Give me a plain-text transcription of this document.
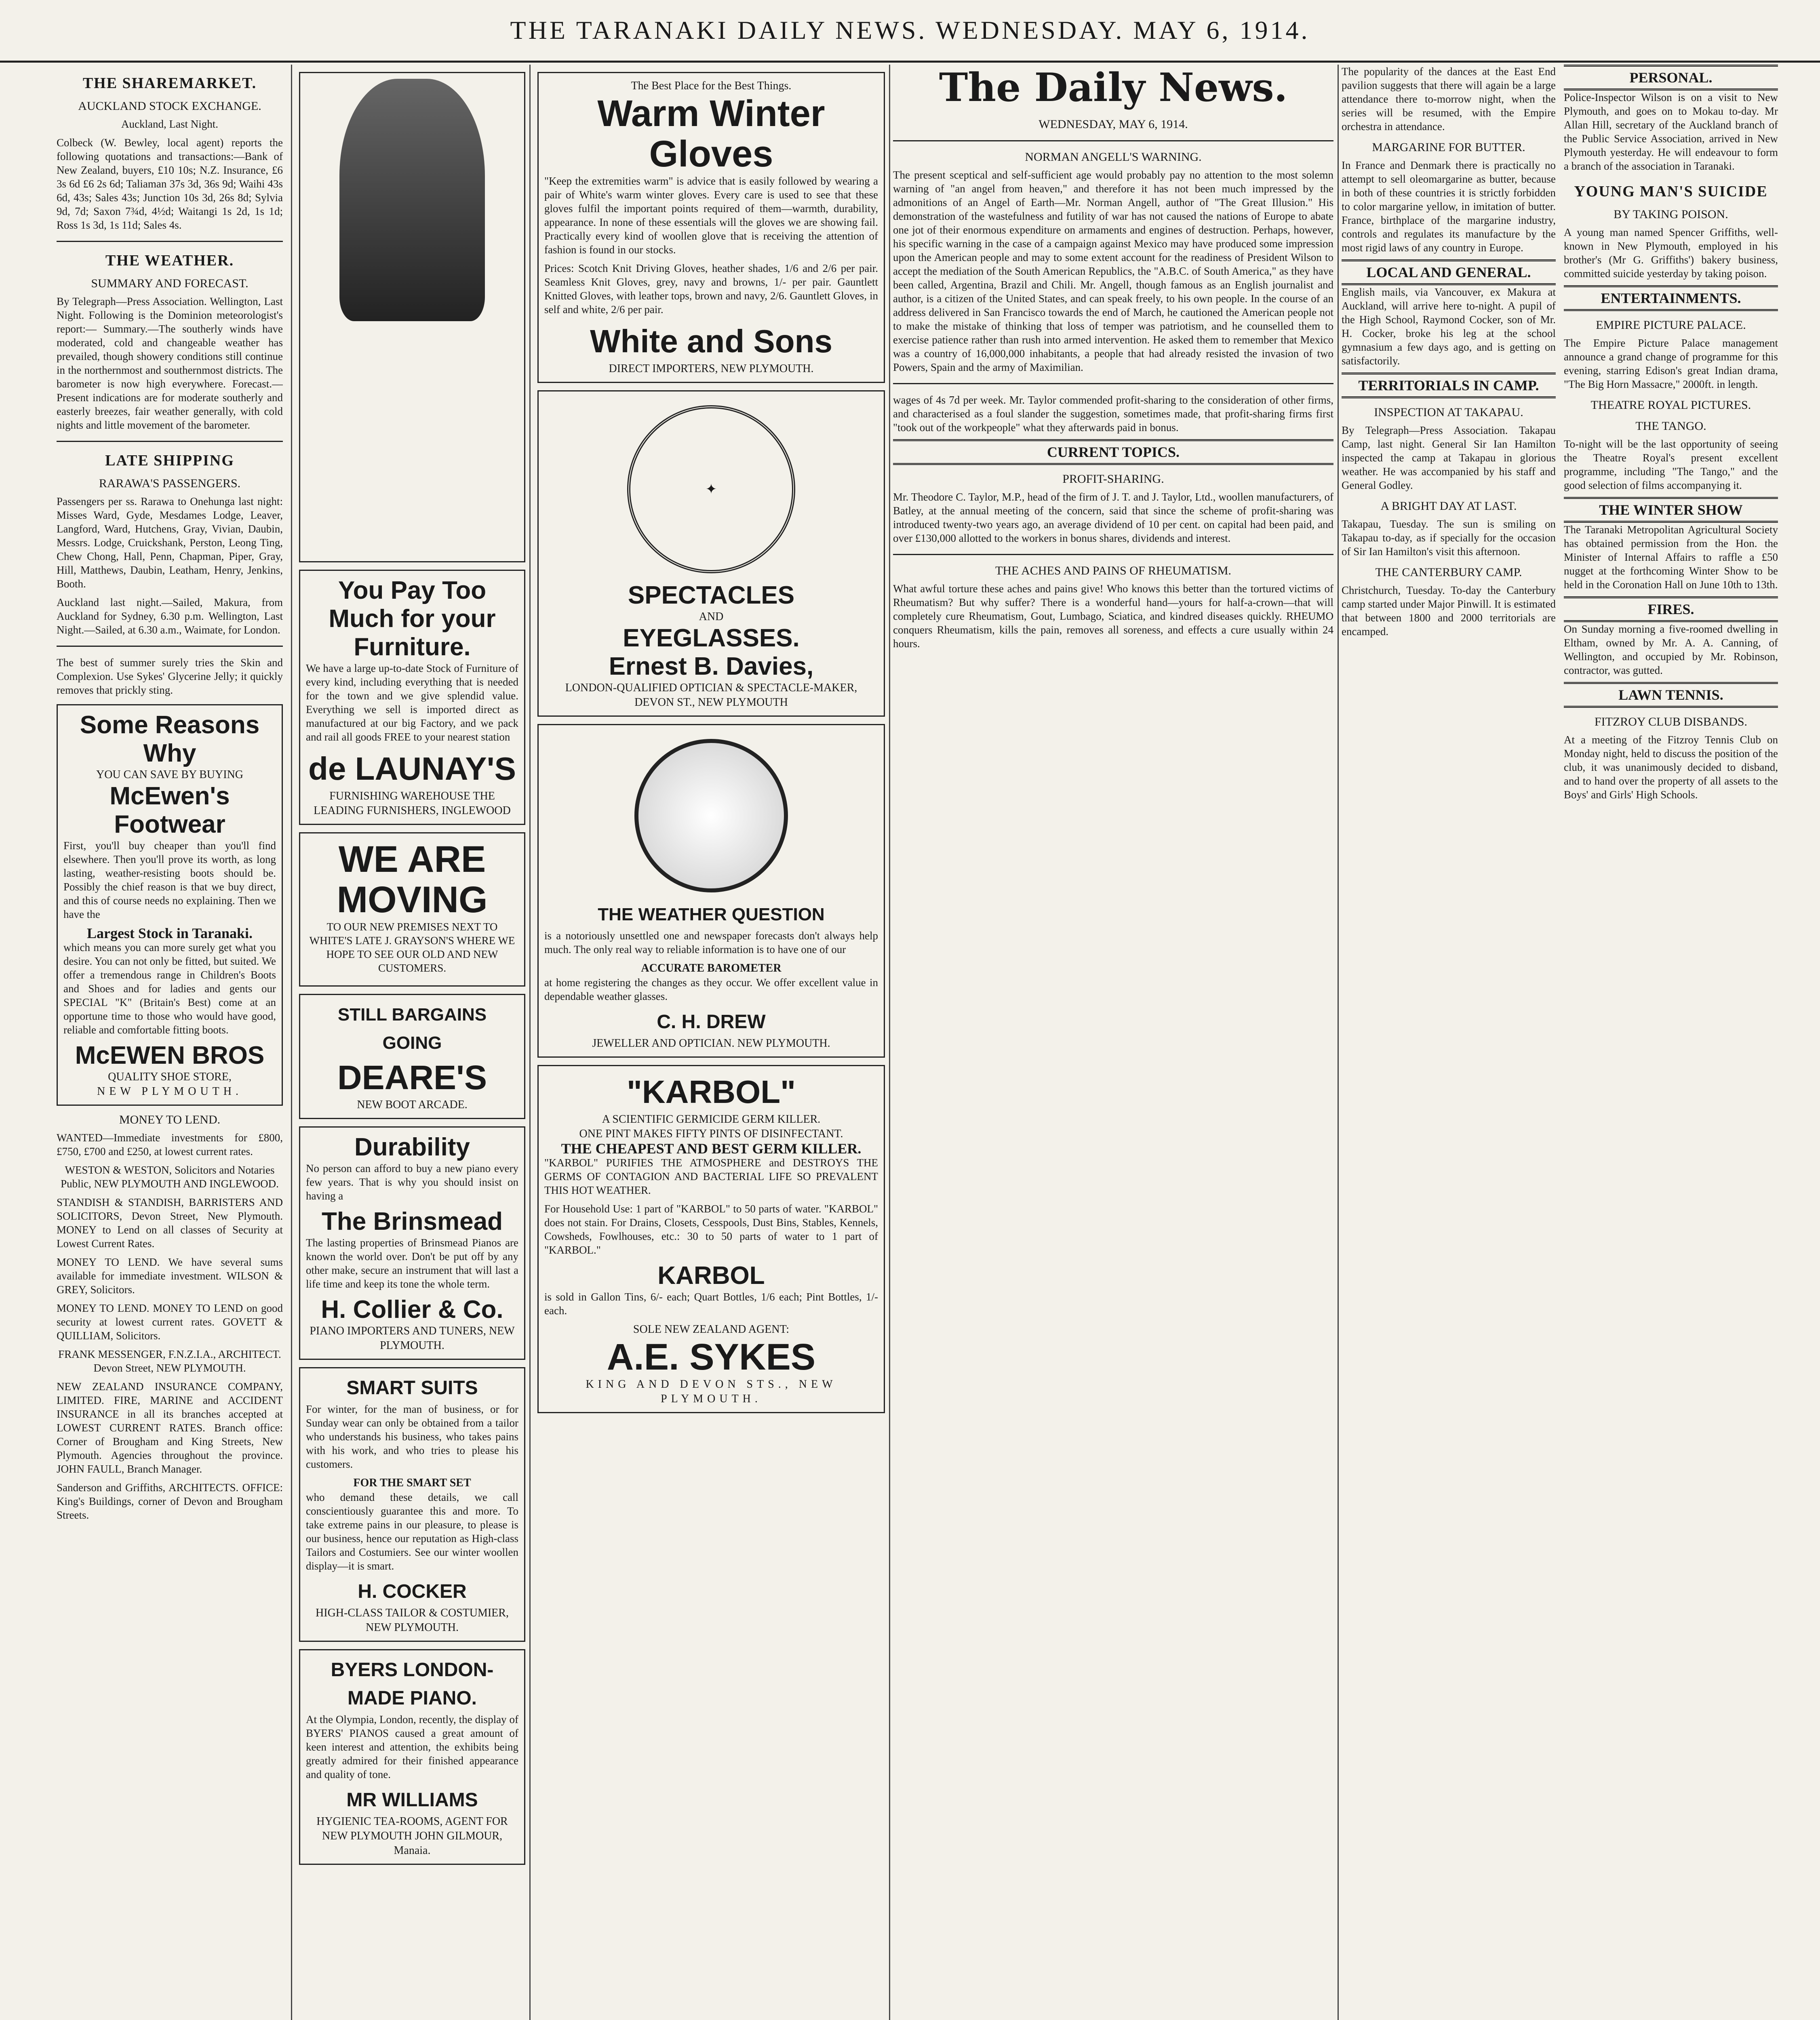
THE TARANAKI DAILY NEWS. WEDNESDAY. MAY 6, 1914.
THE SHAREMARKET.
AUCKLAND STOCK EXCHANGE.

Auckland, Last Night.

Colbeck (W. Bewley, local agent) reports the following quotations and transactions:—Bank of New Zealand, buyers, £10 10s; N.Z. Insurance, £6 3s 6d £6 2s 6d; Taliaman 37s 3d, 36s 9d; Waihi 43s 6d, 43s; Sales 43s; Junction 10s 3d, 26s 8d; Sylvia 9d, 7d; Saxon 7¾d, 4½d; Waitangi 1s 2d, 1s 1d; Ross 1s 3d, 1s 11d; Sales 4s.

THE WEATHER.
SUMMARY AND FORECAST.

By Telegraph—Press Association. Wellington, Last Night. Following is the Dominion meteorologist's report:— Summary.—The southerly winds have moderated, cold and changeable weather has prevailed, though showery conditions still continue in the northernmost and southernmost districts. The barometer is now high everywhere. Forecast.—Present indications are for moderate southerly and easterly breezes, fair weather generally, with cold nights and little movement of the barometer.

LATE SHIPPING
RARAWA'S PASSENGERS.

Passengers per ss. Rarawa to Onehunga last night: Misses Ward, Gyde, Mesdames Lodge, Leaver, Langford, Ward, Hutchens, Gray, Vivian, Daubin, Messrs. Lodge, Cruickshank, Perston, Leong Ting, Chew Chong, Hall, Penn, Chapman, Piper, Gray, Hill, Matthews, Daubin, Leatham, Henry, Jenkins, Booth.

Auckland last night.—Sailed, Makura, from Auckland for Sydney, 6.30 p.m. Wellington, Last Night.—Sailed, at 6.30 a.m., Waimate, for London.

The best of summer surely tries the Skin and Complexion. Use Sykes' Glycerine Jelly; it quickly removes that prickly sting.

Some Reasons Why
YOU CAN SAVE BY BUYING
McEwen's Footwear

First, you'll buy cheaper than you'll find elsewhere. Then you'll prove its worth, as long lasting, weather-resisting boots should be. Possibly the chief reason is that we buy direct, and this of course needs no explaining. Then we have the

Largest Stock in Taranaki.

which means you can more surely get what you desire. You can not only be fitted, but suited. We offer a tremendous range in Children's Boots and Shoes and for ladies and gents our SPECIAL "K" (Britain's Best) come at an opportune time to those who would have good, reliable and comfortable fitting boots.

McEWEN BROS
QUALITY SHOE STORE,
NEW PLYMOUTH.
MONEY TO LEND.

WANTED—Immediate investments for £800, £750, £700 and £250, at lowest current rates.

WESTON & WESTON, Solicitors and Notaries Public, NEW PLYMOUTH AND INGLEWOOD.

STANDISH & STANDISH, BARRISTERS AND SOLICITORS, Devon Street, New Plymouth. MONEY to Lend on all classes of Security at Lowest Current Rates.

MONEY TO LEND. We have several sums available for immediate investment. WILSON & GREY, Solicitors.

MONEY TO LEND. MONEY TO LEND on good security at lowest current rates. GOVETT & QUILLIAM, Solicitors.

FRANK MESSENGER, F.N.Z.I.A., ARCHITECT. Devon Street, NEW PLYMOUTH.

NEW ZEALAND INSURANCE COMPANY, LIMITED. FIRE, MARINE and ACCIDENT INSURANCE in all its branches accepted at LOWEST CURRENT RATES. Branch office: Corner of Brougham and King Streets, New Plymouth. Agencies throughout the province. JOHN FAULL, Branch Manager.

Sanderson and Griffiths, ARCHITECTS. OFFICE: King's Buildings, corner of Devon and Brougham Streets.

You Pay Too Much for your Furniture.

We have a large up-to-date Stock of Furniture of every kind, including everything that is needed for the town and we give splendid value. Everything we sell is imported direct as manufactured at our big Factory, and we pack and rail all goods FREE to your nearest station

de LAUNAY'S
FURNISHING WAREHOUSE THE LEADING FURNISHERS, INGLEWOOD
WE ARE
MOVING

TO OUR NEW PREMISES NEXT TO WHITE'S LATE J. GRAYSON'S WHERE WE HOPE TO SEE OUR OLD AND NEW CUSTOMERS.

STILL BARGAINS GOING
DEARE'S
NEW BOOT ARCADE.
Durability

No person can afford to buy a new piano every few years. That is why you should insist on having a

The Brinsmead

The lasting properties of Brinsmead Pianos are known the world over. Don't be put off by any other make, secure an instrument that will last a life time and keep its tone the whole term.

H. Collier & Co.
PIANO IMPORTERS AND TUNERS, NEW PLYMOUTH.
SMART SUITS

For winter, for the man of business, or for Sunday wear can only be obtained from a tailor who understands his business, who takes pains with his work, and who tries to please his customers.

FOR THE SMART SET

who demand these details, we call conscientiously guarantee this and more. To take extreme pains in our pleasure, to please is our business, hence our reputation as High-class Tailors and Costumiers. See our winter woollen display—it is smart.

H. COCKER
HIGH-CLASS TAILOR & COSTUMIER, NEW PLYMOUTH.
BYERS LONDON-MADE PIANO.

At the Olympia, London, recently, the display of BYERS' PIANOS caused a great amount of keen interest and attention, the exhibits being greatly admired for their finished appearance and quality of tone.

MR WILLIAMS
HYGIENIC TEA-ROOMS, AGENT FOR NEW PLYMOUTH JOHN GILMOUR, Manaia.
The Best Place for the Best Things.
Warm Winter Gloves

"Keep the extremities warm" is advice that is easily followed by wearing a pair of White's warm winter gloves. Every care is used to see that these gloves fulfil the important points required of them—warmth, durability, appearance. In none of these essentials will the gloves we are showing fail. Practically every kind of woollen glove that is receiving the attention of fashion is found in our stocks.

Prices: Scotch Knit Driving Gloves, heather shades, 1/6 and 2/6 per pair. Seamless Knit Gloves, grey, navy and browns, 1/- per pair. Gauntlett Knitted Gloves, with leather tops, brown and navy, 2/6. Gauntlett Gloves, in self and white, 2/6 per pair.

White and Sons
DIRECT IMPORTERS, NEW PLYMOUTH.
✦
SPECTACLES
AND
EYEGLASSES.
Ernest B. Davies,
LONDON-QUALIFIED OPTICIAN & SPECTACLE-MAKER, DEVON ST., NEW PLYMOUTH
THE WEATHER QUESTION

is a notoriously unsettled one and newspaper forecasts don't always help much. The only real way to reliable information is to have one of our

ACCURATE BAROMETER

at home registering the changes as they occur. We offer excellent value in dependable weather glasses.

C. H. DREW
JEWELLER AND OPTICIAN. NEW PLYMOUTH.
"KARBOL"
A SCIENTIFIC GERMICIDE GERM KILLER.
ONE PINT MAKES FIFTY PINTS OF DISINFECTANT.
THE CHEAPEST AND BEST GERM KILLER.

"KARBOL" PURIFIES THE ATMOSPHERE and DESTROYS THE GERMS OF CONTAGION AND BACTERIAL LIFE SO PREVALENT THIS HOT WEATHER.

For Household Use: 1 part of "KARBOL" to 50 parts of water. "KARBOL" does not stain. For Drains, Closets, Cesspools, Dust Bins, Stables, Kennels, Cowsheds, Fowlhouses, etc.: 30 to 50 parts of water to 1 part of "KARBOL."

KARBOL

is sold in Gallon Tins, 6/- each; Quart Bottles, 1/6 each; Pint Bottles, 1/- each.

SOLE NEW ZEALAND AGENT:
A.E. SYKES
KING AND DEVON STS., NEW PLYMOUTH.
The Daily News.
WEDNESDAY, MAY 6, 1914.
NORMAN ANGELL'S WARNING.

The present sceptical and self-sufficient age would probably pay no attention to the most solemn warning of "an angel from heaven," and therefore it has not been much impressed by the admonitions of an Angel of Earth—Mr. Norman Angell, author of "The Great Illusion." His demonstration of the wastefulness and futility of war has not caused the nations of Europe to abate one jot of their enormous expenditure on armaments and engines of destruction. Perhaps, however, his specific warning in the case of a campaign against Mexico may have produced some impression upon the American people and may to some extent account for the readiness of President Wilson to accept the mediation of the South American Republics, the "A.B.C. of South America," as they have been called, Argentina, Brazil and Chili. Mr. Angell, though famous as an English journalist and author, is a citizen of the United States, and can speak freely, to his own people. In the course of an address delivered in San Francisco towards the end of March, he cautioned the American people not to make the mistake of thinking that loss of temper was patriotism, and he counselled them to exercise patience rather than rush into armed intervention. He asked them to remember that Mexico was a country of 16,000,000 inhabitants, a people that had already resisted the invasion of two Powers, Spain and the army of Maximilian.

wages of 4s 7d per week. Mr. Taylor commended profit-sharing to the consideration of other firms, and characterised as a foul slander the suggestion, sometimes made, that profit-sharing firms first "took out of the workpeople" what they afterwards paid in bonus.

CURRENT TOPICS.
PROFIT-SHARING.

Mr. Theodore C. Taylor, M.P., head of the firm of J. T. and J. Taylor, Ltd., woollen manufacturers, of Batley, at the annual meeting of the concern, said that since the scheme of profit-sharing was introduced twenty-two years ago, an average dividend of 10 per cent. on capital had been paid, and over £130,000 allotted to the workers in bonus shares, dividends and interest.

THE ACHES AND PAINS OF RHEUMATISM.

What awful torture these aches and pains give! Who knows this better than the tortured victims of Rheumatism? But why suffer? There is a wonderful hand—yours for half-a-crown—that will completely cure Rheumatism, Gout, Lumbago, Sciatica, and kindred diseases quickly. RHEUMO conquers Rheumatism, kills the pain, removes all soreness, and effects a cure usually within 24 hours.

The popularity of the dances at the East End pavilion suggests that there will again be a large attendance there to-morrow night, when the series will be resumed, with the Empire orchestra in attendance.

MARGARINE FOR BUTTER.

In France and Denmark there is practically no attempt to sell oleomargarine as butter, because in both of these countries it is strictly forbidden to color margarine yellow, in imitation of butter. France, birthplace of the margarine industry, controls and regulates its manufacture by the most rigid laws of any country in Europe.

LOCAL AND GENERAL.

English mails, via Vancouver, ex Makura at Auckland, will arrive here to-night. A pupil of the High School, Raymond Cocker, son of Mr. H. Cocker, broke his leg at the school gymnasium a few days ago, and is getting on satisfactorily.

TERRITORIALS IN CAMP.
INSPECTION AT TAKAPAU.

By Telegraph—Press Association. Takapau Camp, last night. General Sir Ian Hamilton inspected the camp at Takapau in glorious weather. He was accompanied by his staff and General Godley.

A BRIGHT DAY AT LAST.

Takapau, Tuesday. The sun is smiling on Takapau to-day, as if specially for the occasion of Sir Ian Hamilton's visit this afternoon.

THE CANTERBURY CAMP.

Christchurch, Tuesday. To-day the Canterbury camp started under Major Pinwill. It is estimated that between 1800 and 2000 territorials are encamped.

PERSONAL.

Police-Inspector Wilson is on a visit to New Plymouth, and goes on to Mokau to-day. Mr Allan Hill, secretary of the Auckland branch of the Public Service Association, arrived in New Plymouth yesterday. He will endeavour to form a branch of the association in Taranaki.

YOUNG MAN'S SUICIDE
BY TAKING POISON.

A young man named Spencer Griffiths, well-known in New Plymouth, employed in his brother's (Mr G. Griffiths') bakery business, committed suicide yesterday by taking poison.

ENTERTAINMENTS.
EMPIRE PICTURE PALACE.

The Empire Picture Palace management announce a grand change of programme for this evening, starring Edison's great Indian drama, "The Big Horn Massacre," 2000ft. in length.

THEATRE ROYAL PICTURES.
THE TANGO.

To-night will be the last opportunity of seeing the Theatre Royal's present excellent programme, including "The Tango," and the good selection of films accompanying it.

THE WINTER SHOW

The Taranaki Metropolitan Agricultural Society has obtained permission from the Hon. the Minister of Internal Affairs to raffle a £50 nugget at the forthcoming Winter Show to be held in the Coronation Hall on June 10th to 13th.

FIRES.

On Sunday morning a five-roomed dwelling in Eltham, owned by Mr. A. A. Canning, of Wellington, and occupied by Mr. Robinson, contractor, was gutted.

LAWN TENNIS.
FITZROY CLUB DISBANDS.

At a meeting of the Fitzroy Tennis Club on Monday night, held to discuss the position of the club, it was unanimously decided to disband, and to hand over the property of all assets to the Boys' and Girls' High Schools.
